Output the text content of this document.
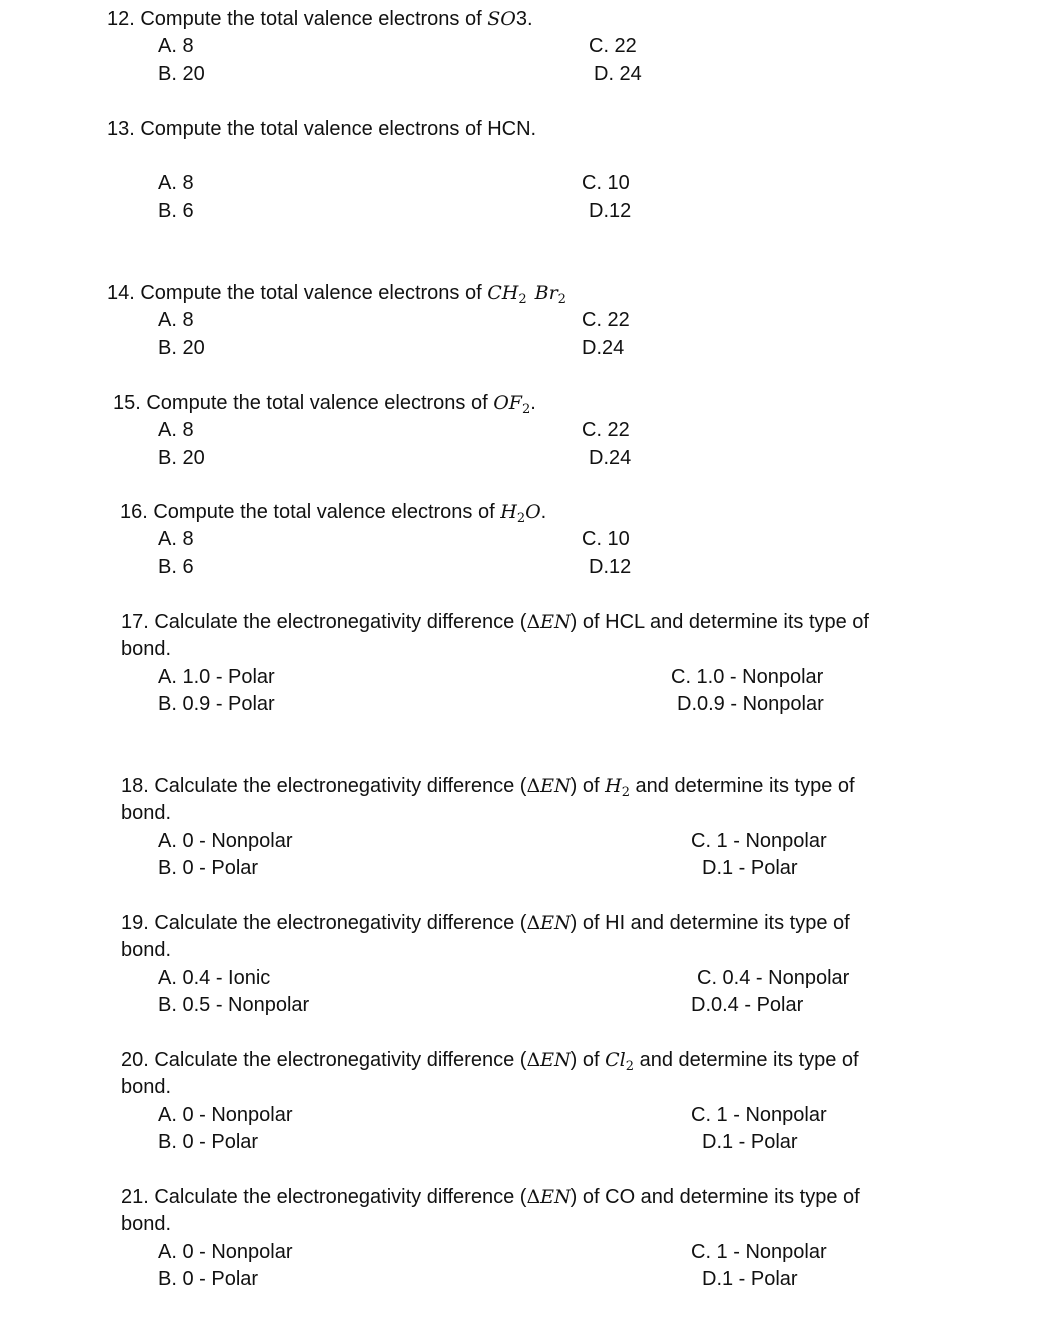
12. Compute the total valence electrons of SO3.
A. 8
B. 20
C. 22
D. 24
13. Compute the total valence electrons of HCN.
A. 8
B. 6
C. 10
D.12
14. Compute the total valence electrons of $CH_2$ $Br_2$
A. 8
B. 20
C. 22
D.24
15. Compute the total valence electrons of $OF_2$.
A. 8
B. 20
C. 22
D.24
16. Compute the total valence electrons of $H_2O$.
A. 8
B. 6
C. 10
D.12
17. Calculate the electronegativity difference (ΔEN) of HCL and determine its type of
bond.
A. 1.0 - Polar
B. 0.9 - Polar
C. 1.0 - Nonpolar
D.0.9 - Nonpolar
18. Calculate the electronegativity difference (ΔEN) of $H_2$ and determine its type of
bond.
A. 0 - Nonpolar
B. 0 - Polar
C. 1 - Nonpolar
D.1 - Polar
19. Calculate the electronegativity difference (ΔEN) of HI and determine its type of
bond.
A. 0.4 - Ionic
B. 0.5 - Nonpolar
C. 0.4 - Nonpolar
D.0.4 - Polar
20. Calculate the electronegativity difference (ΔEN) of $Cl_2$ and determine its type of
bond.
A. 0 - Nonpolar
B. 0 - Polar
C. 1 - Nonpolar
D.1 - Polar
21. Calculate the electronegativity difference (ΔEN) of CO and determine its type of
bond.
A. 0 - Nonpolar
B. 0 - Polar
C. 1 - Nonpolar
D.1 - Polar
